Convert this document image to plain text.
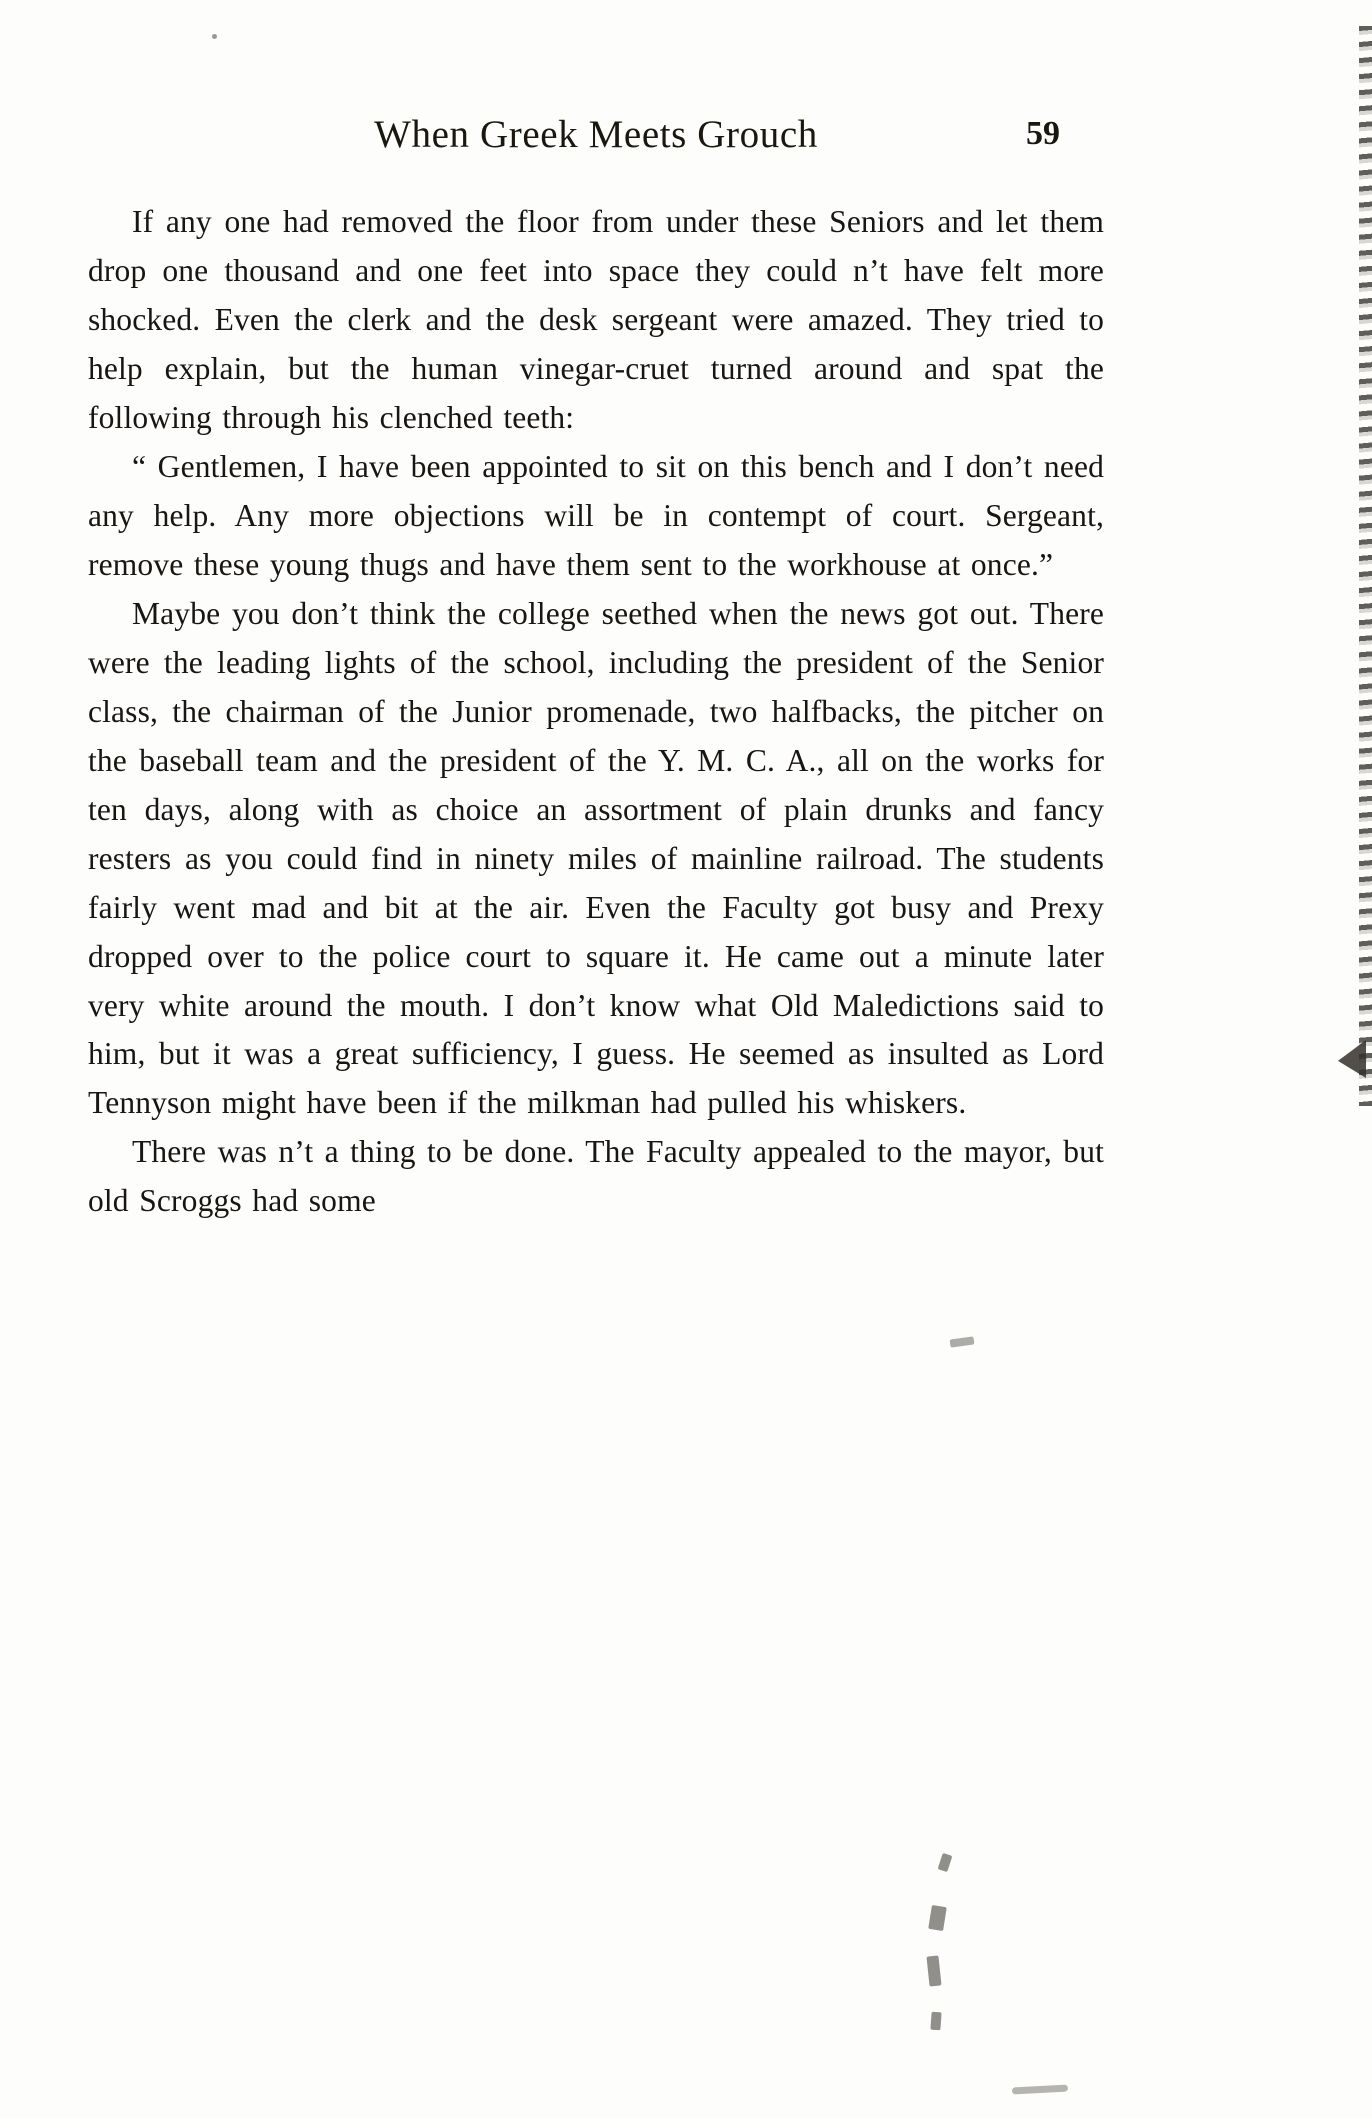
When Greek Meets Grouch	59

If any one had removed the floor from under these Seniors and let them drop one thousand and one feet into space they could n’t have felt more shocked. Even the clerk and the desk sergeant were amazed. They tried to help explain, but the human vinegar-cruet turned around and spat the following through his clenched teeth:

“ Gentlemen, I have been appointed to sit on this bench and I don’t need any help. Any more objections will be in contempt of court. Sergeant, remove these young thugs and have them sent to the workhouse at once.”

Maybe you don’t think the college seethed when the news got out. There were the leading lights of the school, including the president of the Senior class, the chairman of the Junior promenade, two halfbacks, the pitcher on the baseball team and the president of the Y. M. C. A., all on the works for ten days, along with as choice an assortment of plain drunks and fancy resters as you could find in ninety miles of mainline railroad. The students fairly went mad and bit at the air. Even the Faculty got busy and Prexy dropped over to the police court to square it. He came out a minute later very white around the mouth. I don’t know what Old Maledictions said to him, but it was a great sufficiency, I guess. He seemed as insulted as Lord Tennyson might have been if the milkman had pulled his whiskers.

There was n’t a thing to be done. The Faculty appealed to the mayor, but old Scroggs had some
